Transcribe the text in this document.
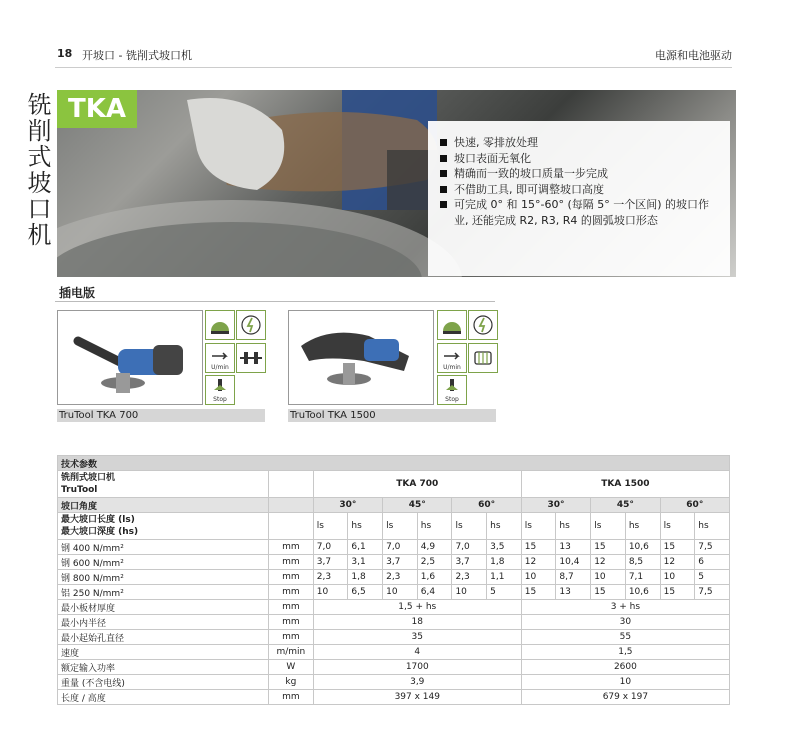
18 开坡口 - 铣削式坡口机	电源和电池驱动
铣削式坡口机 TKA
快速, 零排放处理
坡口表面无氧化
精确而一致的坡口质量一步完成
不借助工具, 即可调整坡口高度
可完成 0° 和 15°-60° (每隔 5° 一个区间) 的坡口作业, 还能完成 R2, R3, R4 的圆弧坡口形态
插电版
U/min
Stop
TruTool TKA 700
U/min
Stop
TruTool TKA 1500
技术参数													

铣削式坡口机
TruTool		TKA 700						TKA 1500					
坡口角度		30°		45°		60°		30°		45°		60°	

最大坡口长度 (ls)
最大坡口深度 (hs)		ls	hs	ls	hs	ls	hs	ls	hs	ls	hs	ls	hs
钢 400 N/mm²	mm	7,0	6,1	7,0	4,9	7,0	3,5	15	13	15	10,6	15	7,5
钢 600 N/mm²	mm	3,7	3,1	3,7	2,5	3,7	1,8	12	10,4	12	8,5	12	6
钢 800 N/mm²	mm	2,3	1,8	2,3	1,6	2,3	1,1	10	8,7	10	7,1	10	5
铝 250 N/mm²	mm	10	6,5	10	6,4	10	5	15	13	15	10,6	15	7,5
最小板材厚度	mm	1,5 + hs						3 + hs					
最小内半径	mm	18						30					
最小起始孔直径	mm	35						55					
速度	m/min	4						1,5					
额定输入功率	W	1700						2600					
重量 (不含电线)	kg	3,9						10					
长度 / 高度	mm	397 x 149						679 x 197					
